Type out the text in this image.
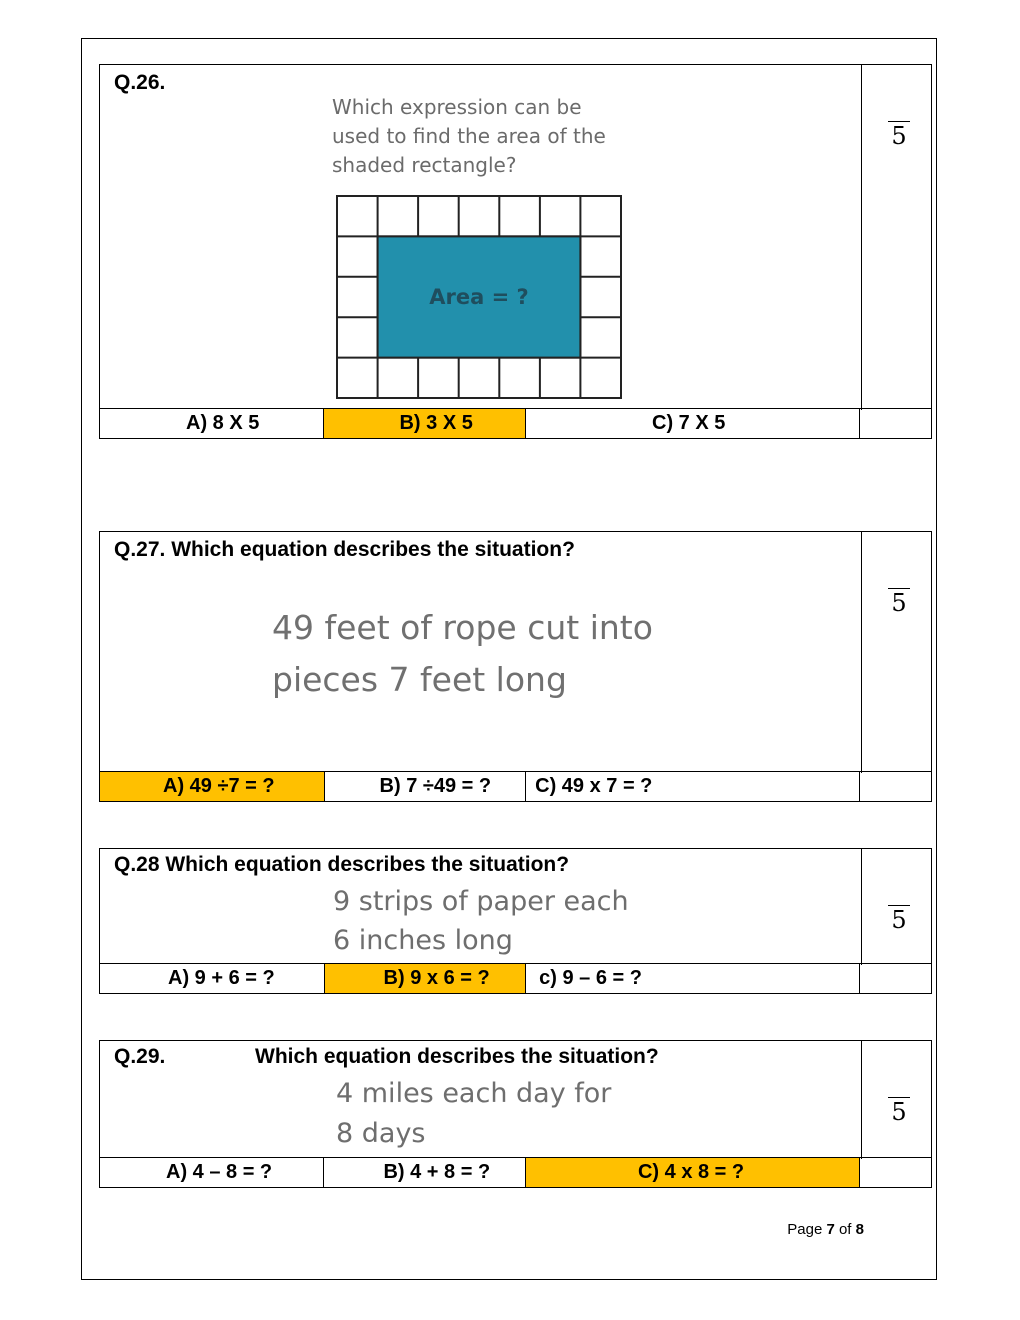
Q.26.
Which expression can be
used to find the area of the
shaded rectangle?
Area = ?
5
A) 8 X 5	B) 3 X 5	C) 7 X 5
Q.27. Which equation describes the situation?
49 feet of rope cut into
pieces 7 feet long
5
A) 49 ÷7 = ?	B) 7 ÷49 = ?	C) 49 x 7 = ?
Q.28 Which equation describes the situation?
9 strips of paper each
6 inches long
5
A) 9 + 6 = ?	B) 9 x 6 = ?	c) 9 – 6 = ?
Q.29.	Which equation describes the situation?
4 miles each day for
8 days
5
A) 4 – 8 = ?	B) 4 + 8 = ?	C) 4 x 8 = ?
Page 7 of 8
